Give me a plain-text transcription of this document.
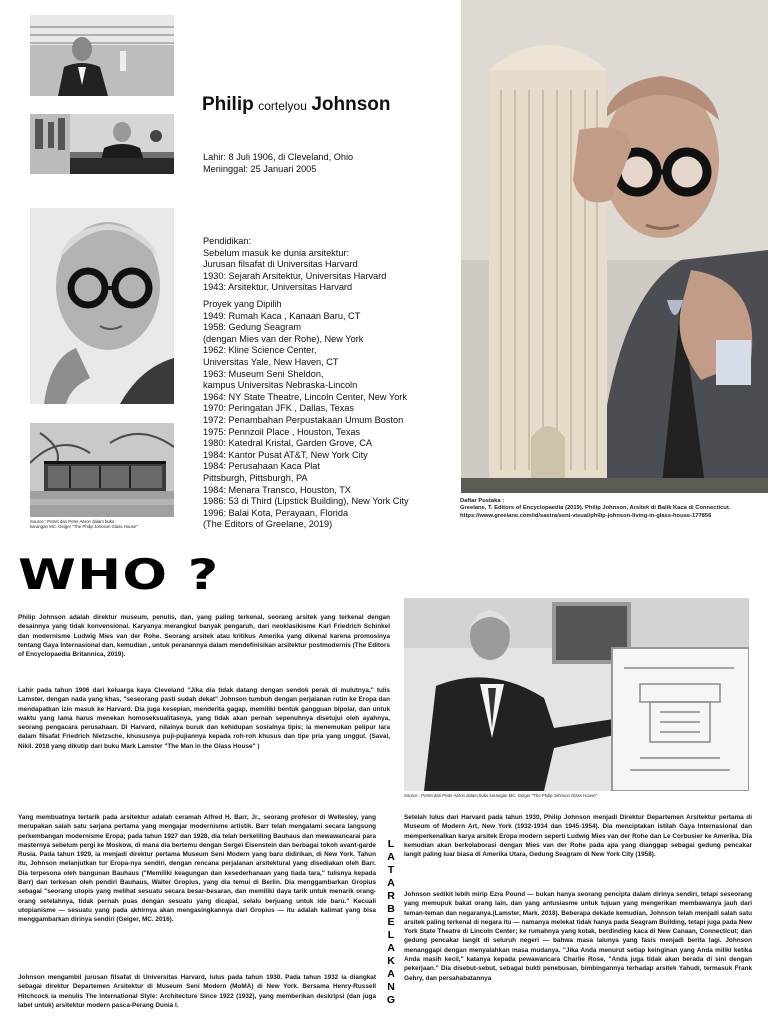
Philip cortelyou Johnson
Lahir: 8 Juli 1906, di Cleveland, Ohio
Meninggal: 25 Januari 2005
Pendidikan:
Sebelum masuk ke dunia arsitektur:
Jurusan filsafat di Universitas Harvard
1930: Sejarah Arsitektur, Universitas Harvard
1943: Arsitektur, Universitas Harvard
Proyek yang Dipilih
1949: Rumah Kaca , Kanaan Baru, CT
1958: Gedung Seagram
(dengan Mies van der Rohe), New York
1962: Kline Science Center,
Universitas Yale, New Haven, CT
1963: Museum Seni Sheldon,
kampus Universitas Nebraska-Lincoln
1964: NY State Theatre, Lincoln Center, New York
1970: Peringatan JFK , Dallas, Texas
1972: Penambahan Perpustakaan Umum Boston
1975: Pennzoil Place , Houston, Texas
1980: Katedral Kristal, Garden Grove, CA
1984: Kantor Pusat AT&T, New York City
1984: Perusahaan Kaca Plat
Pittsburgh, Pittsburgh, PA
1984: Menara Transco, Houston, TX
1986: 53 di Third (Lipstick Building), New York City
1996: Balai Kota, Perayaan, Florida
(The Editors of Greelane, 2019)
Source : Potret dari Peter Aaron dalam buku
karangan MC. Geiger "The Philip Johnson Glass House"
Daftar Pustaka :
Greelane, T. Editors of Encyclopaedia (2019). Philip Johnson, Arsitek di Balik Kaca di Connecticut. https://www.greelane.com/id/sastra/seni-visual/philip-johnson-living-in-glass-house-177856
WHO ?
Philip Johnson adalah direktur museum, penulis, dan, yang paling terkenal, seorang arsitek yang terkenal dengan desainnya yang tidak konvensional. Karyanya merangkul banyak pengaruh, dari neoklasikisme Karl Friedrich Schinkel dan modernisme Ludwig Mies van der Rohe. Seorang arsitek atau kritikus Amerika yang dikenal karena promosinya tentang Gaya Internasional dan, kemudian , untuk peranannya dalam mendefinisikan arsitektur postmodernis (The Editors of Encyclopaedia Britannica, 2019).
Lahir pada tahun 1906 dari keluarga kaya Cleveland "Jika dia tidak datang dengan sendok perak di mulutnya," tulis Lamster, dengan nada yang khas, "seseorang pasti sudah dekat" Johnson tumbuh dengan perjalanan rutin ke Eropa dan mendapatkan izin masuk ke Harvard. Dia juga kesepian, menderita gagap, memiliki bentuk gangguan bipolar, dan untuk waktu yang lama harus menekan homoseksualitasnya, yang tidak akan pernah sepenuhnya disetujui oleh ayahnya, seorang pengacara perusahaan. Di Harvard, nilainya buruk dan kehidupan sosialnya tipis; ia menemukan pelipur lara dalam filsafat Friedrich Nietzsche, khususnya puji-pujiannya kepada roh-roh khusus dan tipe pria yang unggul. (Saval, Nikil. 2018 yang dikutip dari buku Mark Lamster "The Man in the Glass House" )
Source : Potret dari Peter Aaron dalam buku karangan MC. Geiger "The Philip Johnson Glass House"
Yang membuatnya tertarik pada arsitektur adalah ceramah Alfred H. Barr, Jr., seorang profesor di Wellesley, yang merupakan salah satu sarjana pertama yang mengajar modernisme artistik. Barr telah mengalami secara langsung perkembangan modernisme Eropa; pada tahun 1927 dan 1928, dia telah berkeliling Bauhaus dan mewawancarai para masternya sebelum pergi ke Moskow, di mana dia bertemu dengan Sergei Eisenstein dan berbagai tokoh avant-garde Rusia. Pada tahun 1929, ia menjadi direktur pertama Museum Seni Modern yang baru didirikan, di New York. Tahun itu, Johnson melanjutkan tur Eropa-nya sendiri, dengan rencana perjalanan arsitektural yang disediakan oleh Barr. Dia terpesona oleh bangunan Bauhaus ("Memiliki keagungan dan kesederhanaan yang tiada tara," tulisnya kepada Barr) dan terkesan oleh pendiri Bauhaus, Walter Gropius, yang dia temui di Berlin. Dia menggambarkan Gropius sebagai "seorang utopis yang melihat sesuatu secara besar-besaran, dan memiliki daya tarik untuk menarik orang-orang setelahnya, tidak pernah puas dengan sesuatu yang dicapai, selalu berjuang untuk ide baru." Kecuali utopianisme — sesuatu yang pada akhirnya akan mengasingkannya dari Gropius — itu adalah kalimat yang bisa menggambarkan dirinya sendiri (Geiger, MC. 2016).
Johnson mengambil jurusan filsafat di Universitas Harvard, lulus pada tahun 1930. Pada tahun 1932 ia diangkat sebagai direktur Departemen Arsitektur di Museum Seni Modern (MoMA) di New York. Bersama Henry-Russell Hitchcock ia menulis The International Style: Architecture Since 1922 (1932), yang memberikan deskripsi (dan juga label untuk) arsitektur modern pasca-Perang Dunia I.
L
A
T
A
R
B
E
L
A
K
A
N
G
Setelah lulus dari Harvard pada tahun 1930, Philip Johnson menjadi Direktur Departemen Arsitektur pertama di Museum of Modern Art, New York (1932-1934 dan 1945-1954). Dia menciptakan istilah Gaya Internasional dan memperkenalkan karya arsitek Eropa modern seperti Ludwig Mies van der Rohe dan Le Corbusier ke Amerika. Dia kemudian akan berkolaborasi dengan Mies van der Rohe pada apa yang dianggap sebagai gedung pencakar langit paling luar biasa di Amerika Utara, Gedung Seagram di New York City (1958).
Johnson sedikit lebih mirip Ezra Pound — bukan hanya seorang pencipta dalam dirinya sendiri, tetapi seseorang yang memupuk bakat orang lain, dan yang antusiasme untuk tujuan yang mengerikan membawanya jauh dari teman-teman dan negaranya.(Lamster, Mark. 2018). Beberapa dekade kemudian, Johnson telah menjadi salah satu arsitek paling terkenal di negara itu — namanya melekat tidak hanya pada Seagram Building, tetapi juga pada New York State Theatre di Lincoln Center; ke rumahnya yang kotak, berdinding kaca di New Canaan, Connecticut; dan gedung pencakar langit di seluruh negeri — bahwa masa lalunya yang fasis menjadi berita lagi. Johnson menanggapi dengan menyalahkan masa mudanya. "Jika Anda menurut setiap keinginan yang Anda miliki ketika Anda masih kecil," katanya kepada pewawancara Charlie Rose, "Anda juga tidak akan berada di sini dengan pekerjaan." Dia disebut-sebut, sebagai bukti penebusan, bimbingannya terhadap arsitek Yahudi, termasuk Frank Gehry, dan persahabatannya
